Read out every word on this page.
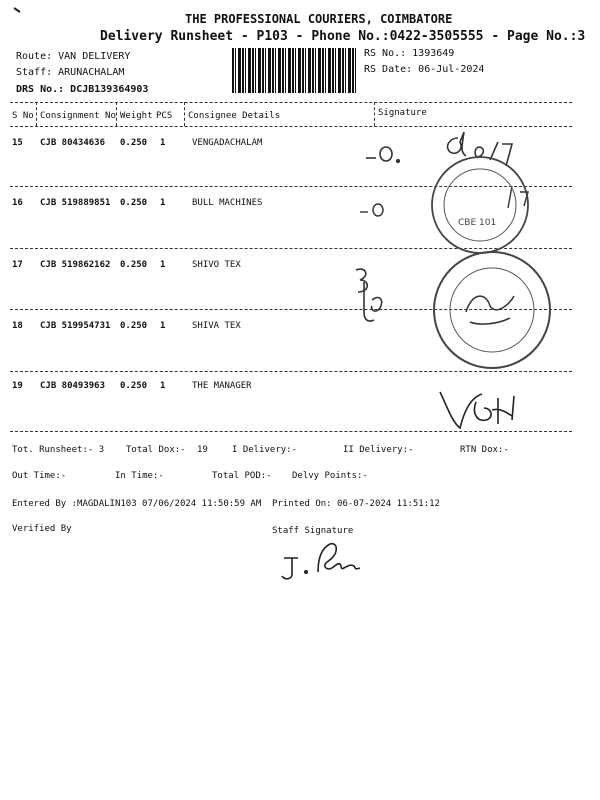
THE PROFESSIONAL COURIERS, COIMBATORE
Delivery Runsheet - P103 - Phone No.:0422-3505555 - Page No.:3
Route: VAN DELIVERY
Staff: ARUNACHALAM
DRS No.: DCJB139364903
RS No.: 1393649
RS Date: 06-Jul-2024
S No Consignment No Weight PCS Consignee Details	Signature
15 CJB 80434636 0.250 1	VENGADACHALAM
16 CJB 519889851 0.250 1	BULL MACHINES
17 CJB 519862162 0.250 1	SHIVO TEX
18 CJB 519954731 0.250 1	SHIVA TEX
19 CJB 80493963 0.250 1	THE MANAGER
Tot. Runsheet:- 3 Total Dox:- 19	I Delivery:-	II Delivery:-	RTN Dox:-
Out Time:-	In Time:-	Total POD:- Delvy Points:-
Entered By :MAGDALIN103 07/06/2024 11:50:59 AM Printed On: 06-07-2024 11:51:12
Verified By	Staff Signature
CBE 101
